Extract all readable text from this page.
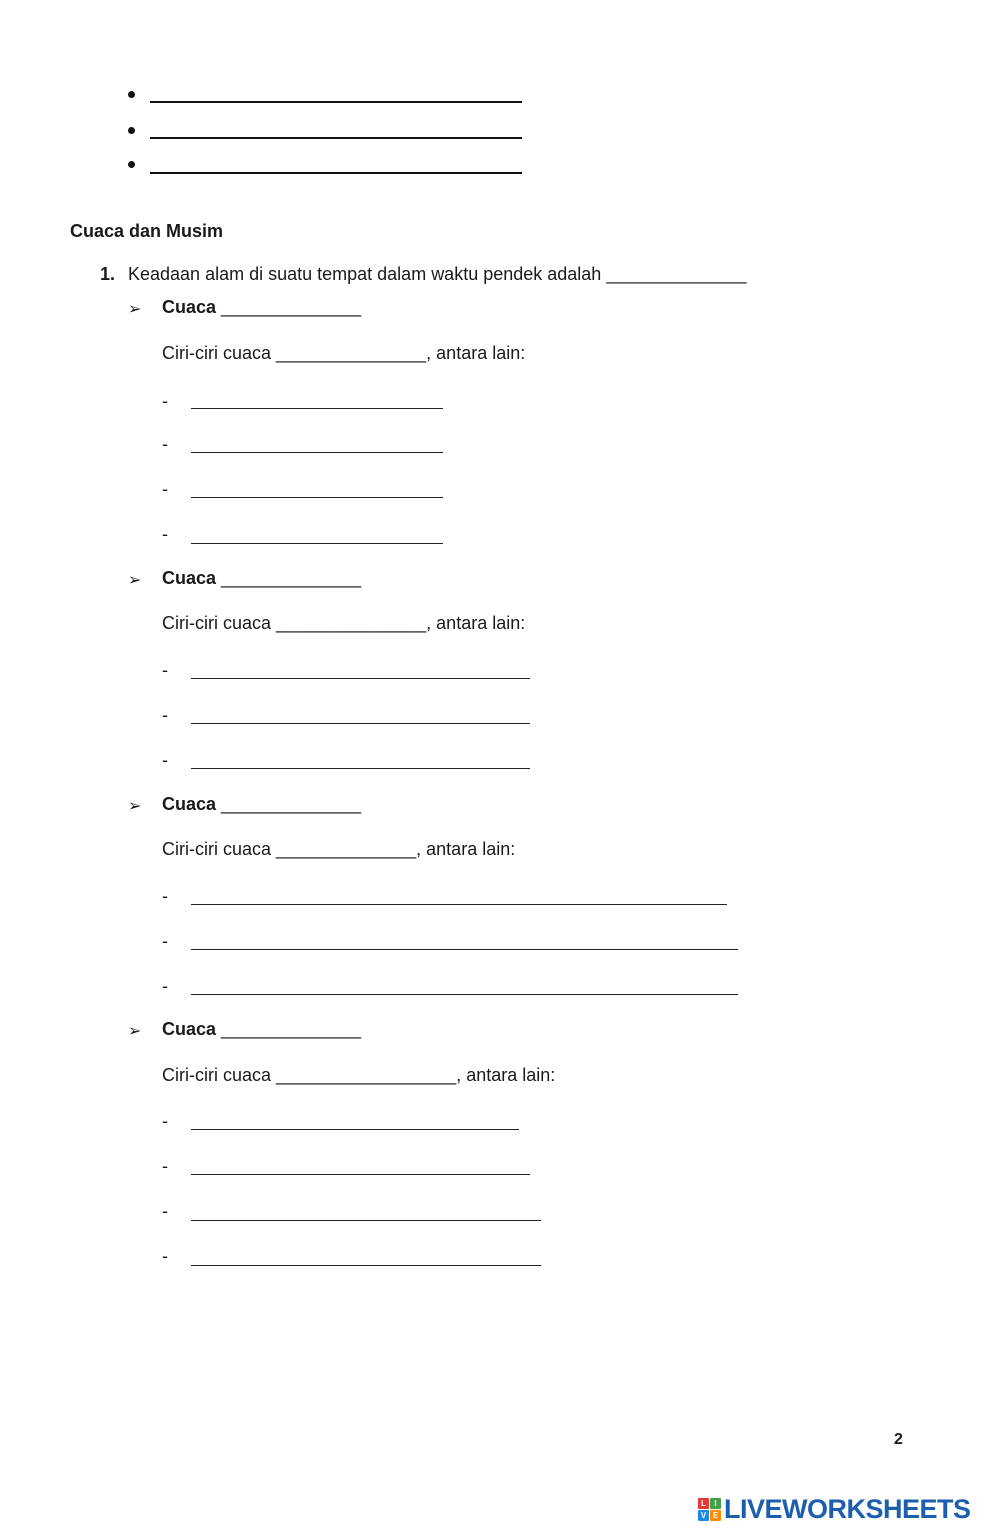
Cuaca dan Musim
1. Keadaan alam di suatu tempat dalam waktu pendek adalah ______________
➢ Cuaca ______________
Ciri-ciri cuaca _______________, antara lain:
-
-
-
-
➢ Cuaca ______________
Ciri-ciri cuaca _______________, antara lain:
-
-
-
➢ Cuaca ______________
Ciri-ciri cuaca ______________, antara lain:
-
-
-
➢ Cuaca ______________
Ciri-ciri cuaca __________________, antara lain:
-
-
-
-
2
L	I
V E LIVEWORKSHEETS
